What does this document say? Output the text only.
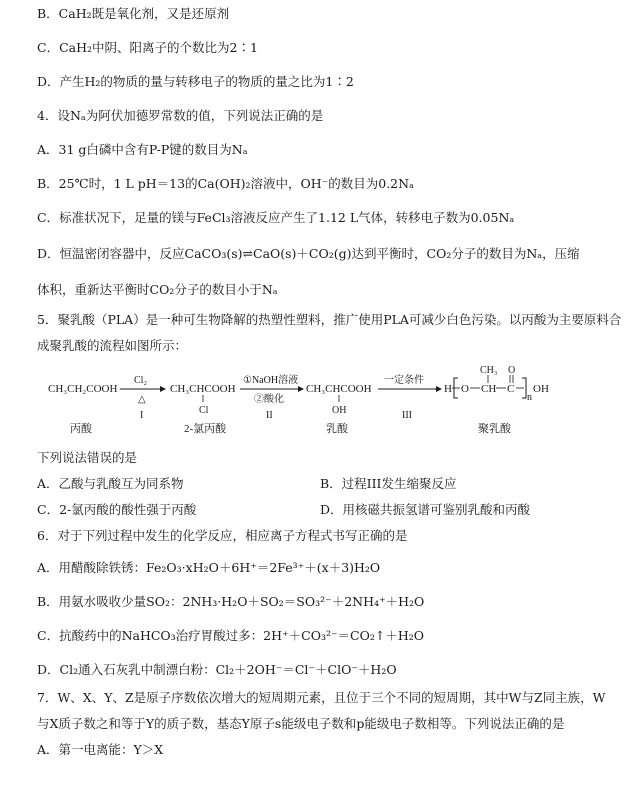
B．CaH₂既是氧化剂，又是还原剂
C．CaH₂中阴、阳离子的个数比为2∶1
D．产生H₂的物质的量与转移电子的物质的量之比为1∶2
4．设Nₐ为阿伏加德罗常数的值，下列说法正确的是
A．31 g白磷中含有P-P键的数目为Nₐ
B．25℃时，1 L pH＝13的Ca(OH)₂溶液中，OH⁻的数目为0.2Nₐ
C．标准状况下，足量的镁与FeCl₃溶液反应产生了1.12 L气体，转移电子数为0.05Nₐ
D．恒温密闭容器中，反应CaCO₃(s)⇌CaO(s)＋CO₂(g)达到平衡时，CO₂分子的数目为Nₐ，压缩
体积，重新达平衡时CO₂分子的数目小于Nₐ
5．聚乳酸（PLA）是一种可生物降解的热塑性塑料，推广使用PLA可减少白色污染。以丙酸为主要原料合
成聚乳酸的流程如图所示：
CH₃CH₂COOH
丙酸
Cl₂
△
I
CH₃CHCOOH
Cl
2-氯丙酸
①NaOH溶液
②酸化
II
CH₃CHCOOH
OH
乳酸
一定条件
III
H O CH
CH₃
C
O
n
OH
聚乳酸
下列说法错误的是
A．乙酸与乳酸互为同系物	B．过程III发生缩聚反应
C．2-氯丙酸的酸性强于丙酸	D．用核磁共振氢谱可鉴别乳酸和丙酸
6．对于下列过程中发生的化学反应，相应离子方程式书写正确的是
A．用醋酸除铁锈：Fe₂O₃·xH₂O＋6H⁺＝2Fe³⁺＋(x＋3)H₂O
B．用氨水吸收少量SO₂：2NH₃·H₂O＋SO₂＝SO₃²⁻＋2NH₄⁺＋H₂O
C．抗酸药中的NaHCO₃治疗胃酸过多：2H⁺＋CO₃²⁻＝CO₂↑＋H₂O
D．Cl₂通入石灰乳中制漂白粉：Cl₂＋2OH⁻＝Cl⁻＋ClO⁻＋H₂O
7．W、X、Y、Z是原子序数依次增大的短周期元素，且位于三个不同的短周期，其中W与Z同主族，W
与X质子数之和等于Y的质子数，基态Y原子s能级电子数和p能级电子数相等。下列说法正确的是
A．第一电离能：Y＞X
